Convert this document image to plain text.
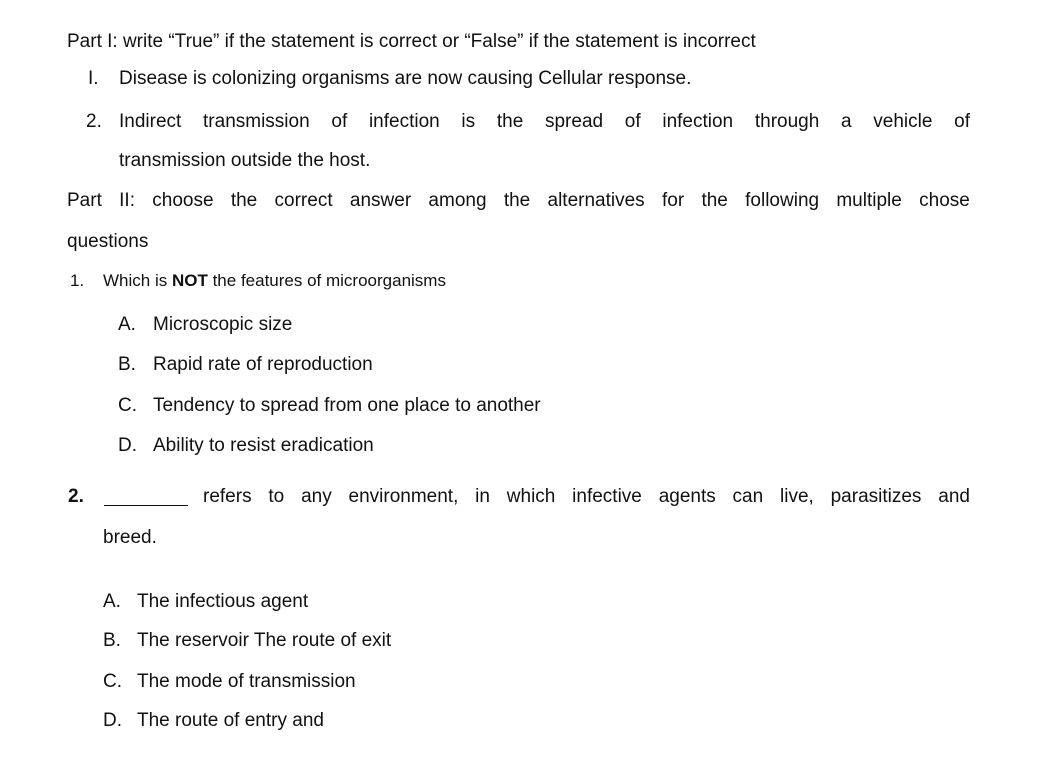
Part I: write “True” if the statement is correct or “False” if the statement is incorrect
I. Disease is colonizing organisms are now causing Cellular response.
2. Indirect transmission of infection is the spread of infection through a vehicle of
transmission outside the host.
Part II: choose the correct answer among the alternatives for the following multiple chose
questions
1. Which is NOT the features of microorganisms
A. Microscopic size
B. Rapid rate of reproduction
C. Tendency to spread from one place to another
D. Ability to resist eradication
2.	refers to any environment, in which infective agents can live, parasitizes and
breed.
A. The infectious agent
B. The reservoir The route of exit
C. The mode of transmission
D. The route of entry and
